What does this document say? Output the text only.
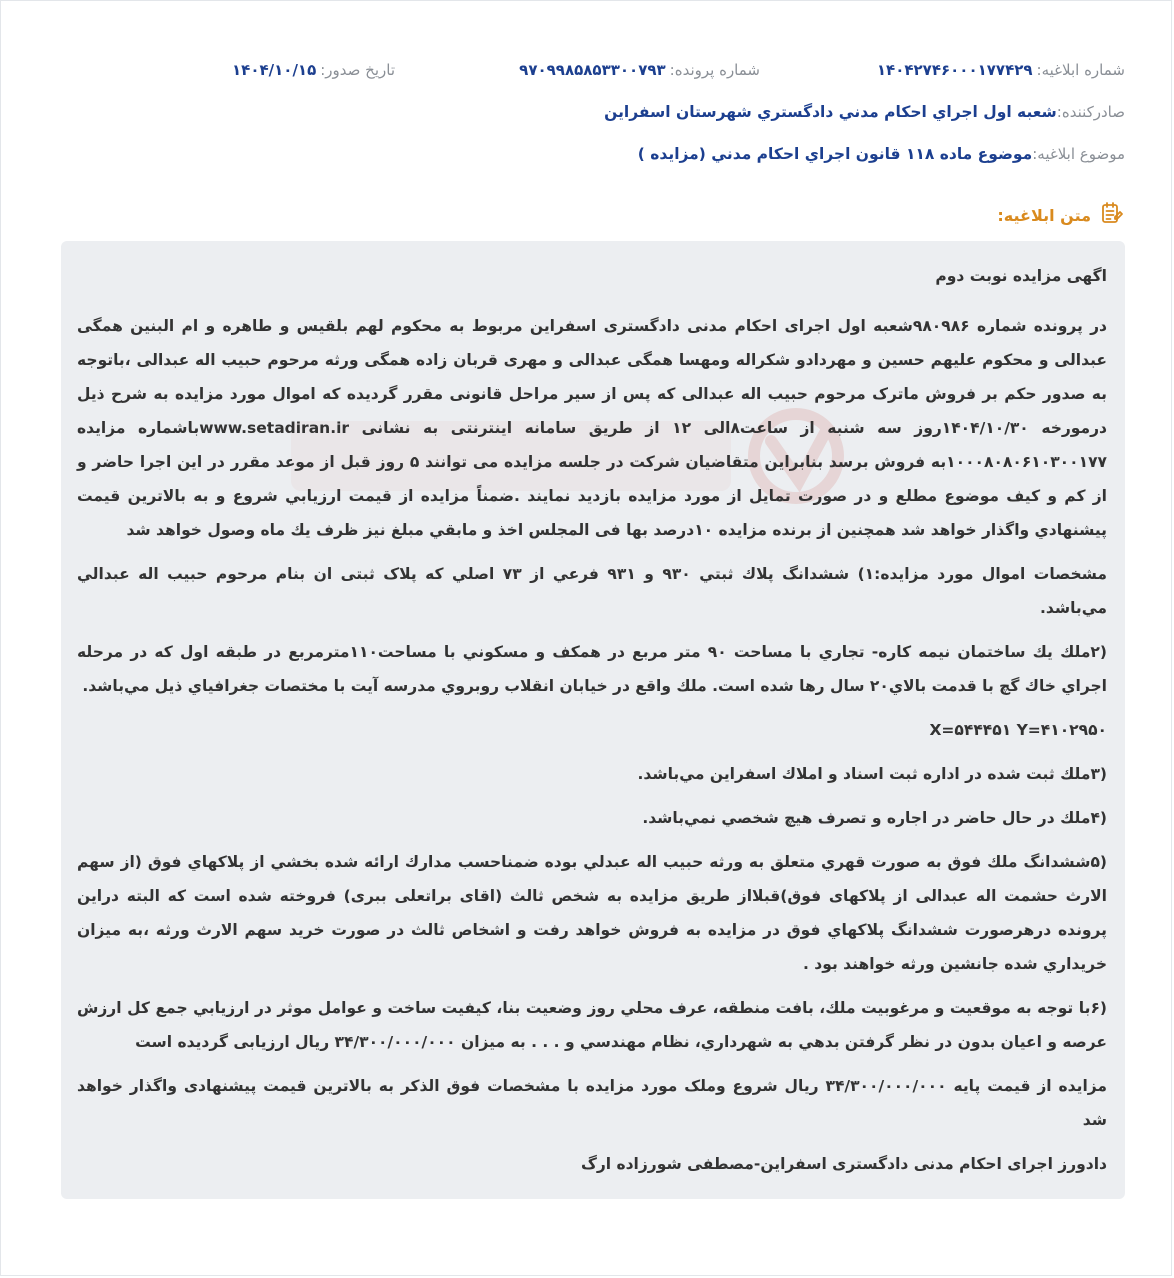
شماره ابلاغيه:
۱۴۰۴۲۷۴۶۰۰۰۱۷۷۴۲۹
شماره پرونده:
۹۷۰۹۹۸۵۸۵۳۳۰۰۷۹۳
تاريخ صدور:
۱۴۰۴/۱۰/۱۵
صادرکننده:
شعبه اول اجراي احكام مدني دادگستري شهرستان اسفراين
موضوع ابلاغيه:
موضوع ماده ۱۱۸ قانون اجراي احكام مدني (مزايده )
متن ابلاغيه:

اگهی مزایده نوبت دوم

در پرونده شماره ۹۸۰۹۸۶شعبه اول اجرای احکام مدنی دادگستری اسفراین مربوط به محکوم لهم بلقیس و طاهره و ام البنین همگی عبدالی و محکوم علیهم حسین و مهردادو شکراله ومهسا همگی عبدالی و مهری قربان زاده همگی ورثه مرحوم حبیب اله عبدالی ،باتوجه به صدور حکم بر فروش ماترک مرحوم حبیب اله عبدالی که پس از سیر مراحل قانونی مقرر گردیده که اموال مورد مزایده به شرح ذیل درمورخه ۱۴۰۴/۱۰/۳۰روز سه شنبه از ساعت۸الی ۱۲ از طریق سامانه اینترنتی به نشانی www.setadiran.irباشماره مزایده ۱۰۰۰۸۰۸۰۶۱۰۳۰۰۱۷۷به فروش برسد بنابراین متقاضیان شرکت در جلسه مزایده می توانند ۵ روز قبل از موعد مقرر در این اجرا حاضر و از کم و کیف موضوع مطلع و در صورت تمایل از مورد مزایده بازدید نمایند .ضمناً مزایده از قیمت ارزيابي شروع و به بالاترين قيمت پيشنهادي واگذار خواهد شد همچنین از برنده مزایده ۱۰درصد بها فی المجلس اخذ و مابقي مبلغ نيز ظرف يك ماه وصول خواهد شد

مشخصات اموال مورد مزايده:۱) ششدانگ پلاك ثبتي ۹۳۰ و ۹۳۱ فرعي از ۷۳ اصلي که پلاک ثبتی ان بنام مرحوم حبيب اله عبدالي مي‌باشد.

(۲ملك يك ساختمان نيمه كاره- تجاري با مساحت ۹۰ متر مربع در همكف و مسكوني با مساحت۱۱۰مترمربع در طبقه اول كه در مرحله اجراي خاك گچ با قدمت بالاي۲۰ سال رها شده است. ملك واقع در خيابان انقلاب روبروي مدرسه آيت با مختصات جغرافياي ذيل مي‌باشد.

X=۵۴۴۴۵۱ Y=۴۱۰۲۹۵۰

(۳ملك ثبت شده در اداره ثبت اسناد و املاك اسفراين مي‌باشد.

(۴ملك در حال حاضر در اجاره و تصرف هيچ شخصي نمي‌باشد.

(۵ششدانگ ملك فوق به صورت قهري متعلق به ورثه حبيب اله عبدلي بوده ضمناحسب مدارك ارائه شده بخشي از پلاكهاي فوق (از سهم الارث حشمت اله عبدالی از پلاکهای فوق)قبلااز طریق مزایده به شخص ثالث (اقای براتعلی ببری) فروخته شده است كه البته دراين پرونده درهرصورت ششدانگ پلاكهاي فوق در مزايده به فروش خواهد رفت و اشخاص ثالث در صورت خريد سهم الارث ورثه ،به ميزان خريداري شده جانشين ورثه خواهند بود .

(۶با توجه به موقعيت و مرغوبيت ملك، بافت منطقه، عرف محلي روز وضعيت بنا، كيفيت ساخت و عوامل موثر در ارزيابي جمع كل ارزش عرصه و اعيان بدون در نظر گرفتن بدهي به شهرداري، نظام مهندسي و . . . به ميزان ۳۴/۳۰۰/۰۰۰/۰۰۰ ريال ارزيابی گرديده است

مزایده از قیمت پایه ۳۴/۳۰۰/۰۰۰/۰۰۰ ریال شروع وملک مورد مزایده با مشخصات فوق الذکر به بالاترین قیمت پیشنهادی واگذار خواهد شد

دادورز اجرای احکام مدنی دادگستری اسفراین-مصطفی شورزاده ارگ
